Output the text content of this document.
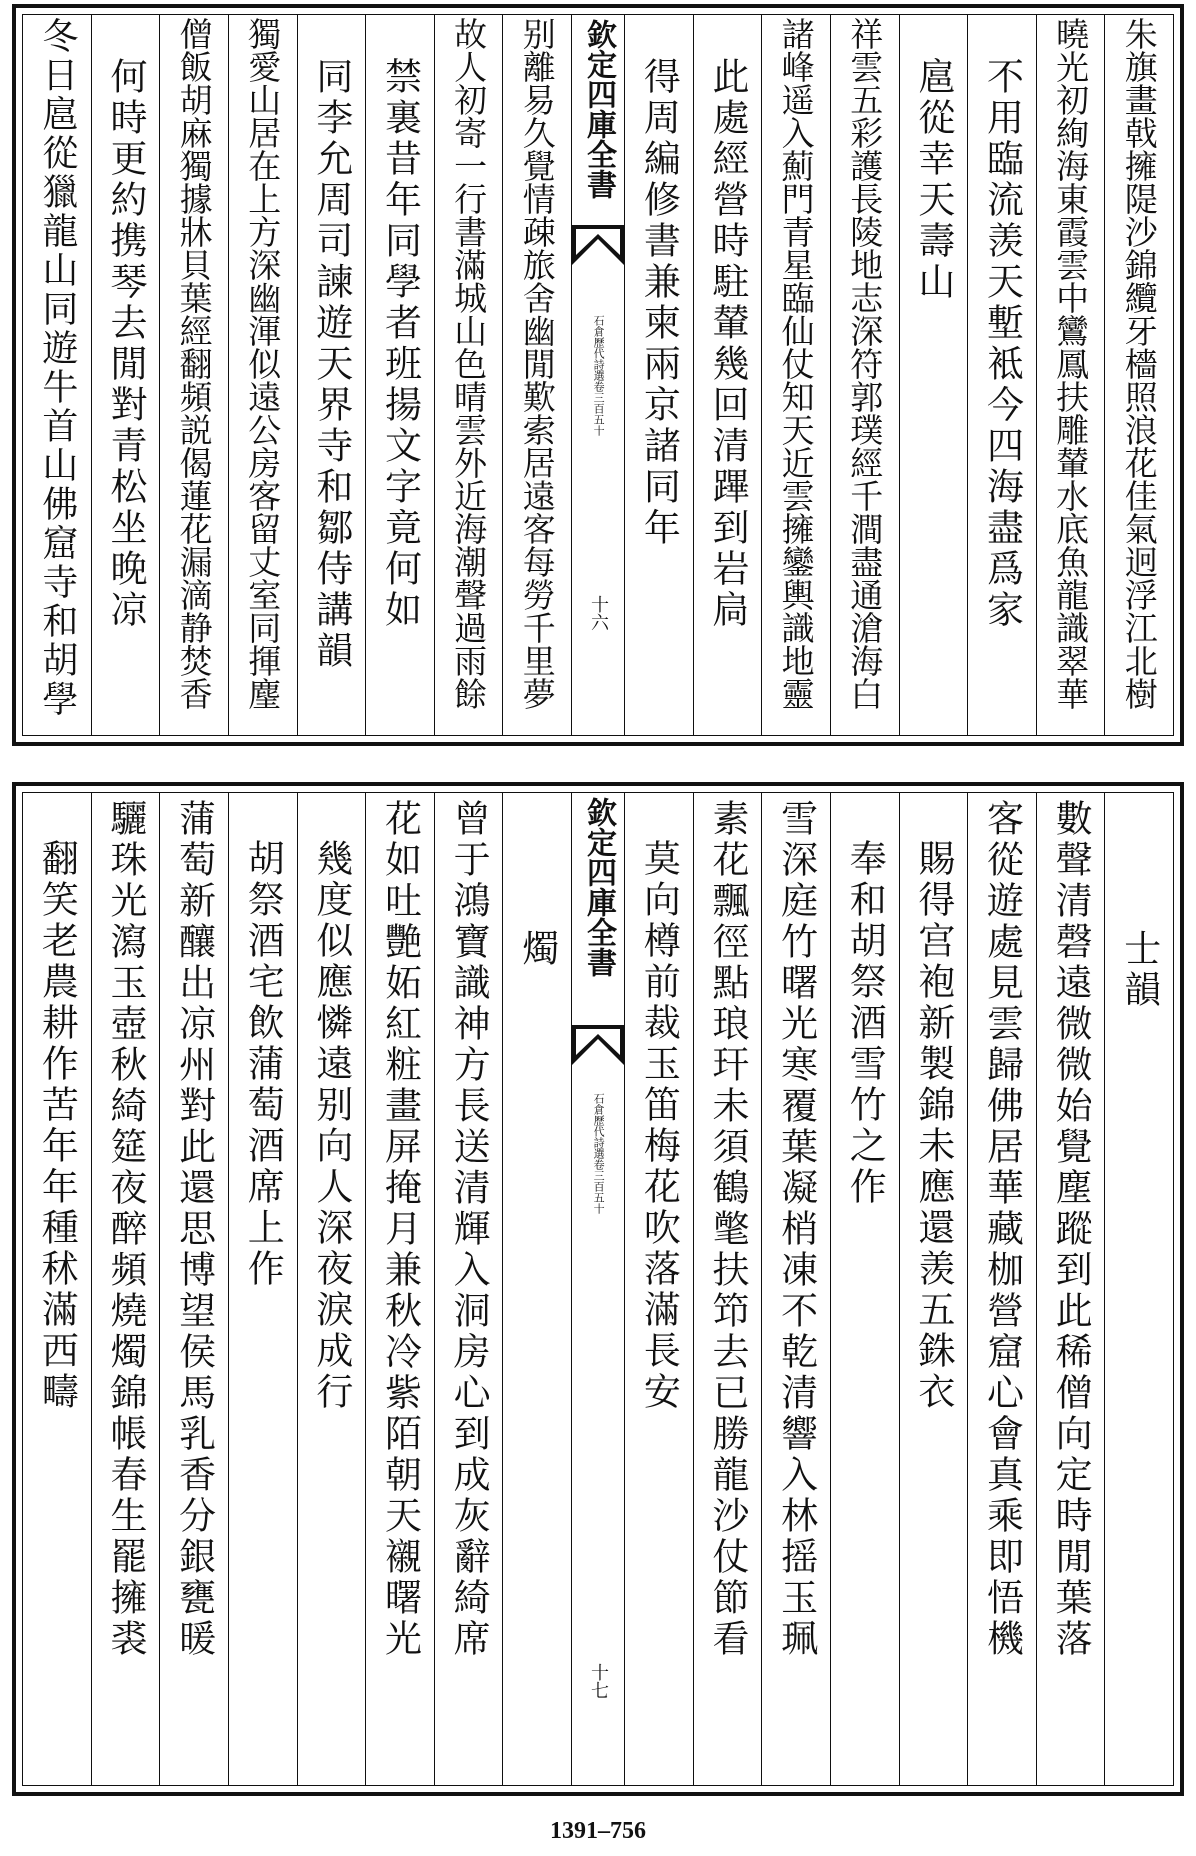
朱旗畫戟擁隄沙錦纜牙檣照浪花佳氣迥浮江北樹
曉光初絢海東霞雲中鸞鳳扶雕輦水底魚龍識翠華
不用臨流羡天塹袛今四海盡爲家
扈從幸天壽山
祥雲五彩護長陵地志深符郭璞經千澗盡通滄海白
諸峰遥入薊門青星臨仙仗知天近雲擁鑾輿識地靈
此處經營時駐輦幾回清蹕到岩扃
得周編修書兼柬兩京諸同年
欽定四庫全書
石倉歷代詩選卷三百五十
十六
别離易久覺情疎旅舍幽閒歎索居遠客每勞千里夢
故人初寄一行書滿城山色晴雲外近海潮聲過雨餘
禁裏昔年同學者班揚文字竟何如
同李允周司諫遊天界寺和鄒侍講韻
獨愛山居在上方深幽渾似遠公房客留丈室同揮麈
僧飯胡麻獨據牀貝葉經翻頻説偈蓮花漏滴静焚香
何時更約携琴去閒對青松坐晚凉
冬日扈從獵龍山同遊牛首山佛窟寺和胡學
士韻
數聲清磬遠微微始覺塵蹤到此稀僧向定時閒葉落
客從遊處見雲歸佛居華藏枷營窟心會真乘即悟機
賜得宫袍新製錦未應還羡五銖衣
奉和胡祭酒雪竹之作
雪深庭竹曙光寒覆葉凝梢凍不乾清響入林摇玉珮
素花飄徑點琅玕未須鶴氅扶笻去已勝龍沙仗節看
莫向樽前裁玉笛梅花吹落滿長安
欽定四庫全書
石倉歷代詩選卷三百五十
十七
燭
曾于鴻寶識神方長送清輝入洞房心到成灰辭綺席
花如吐艷妬紅粧畫屏掩月兼秋冷紫陌朝天襯曙光
幾度似應憐遠别向人深夜淚成行
胡祭酒宅飲蒲萄酒席上作
蒲萄新釀出凉州對此還思博望侯馬乳香分銀甕暖
驪珠光瀉玉壺秋綺筵夜醉頻燒燭錦帳春生罷擁裘
翻笑老農耕作苦年年種秫滿西疇
1391–756
